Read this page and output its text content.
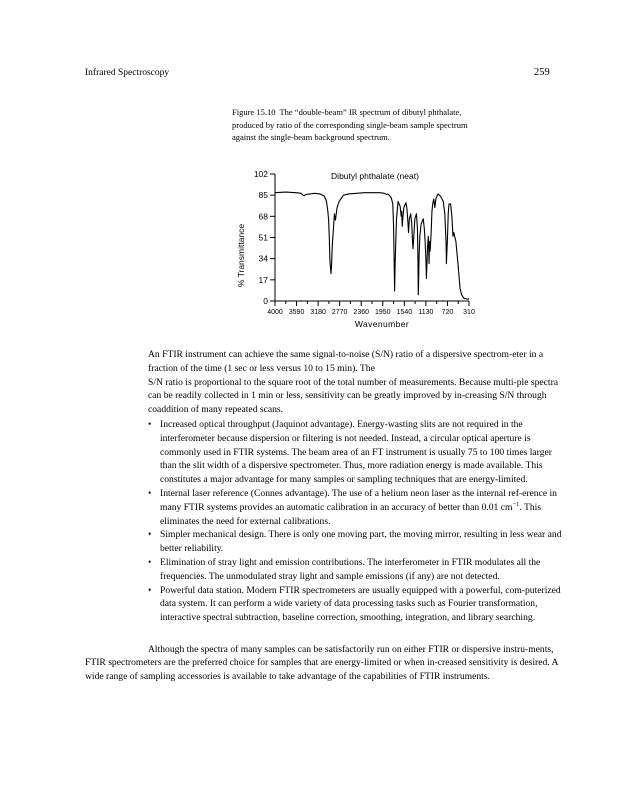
Infrared Spectroscopy	259
Figure 15.10 The “double-beam” IR spectrum of dibutyl phthalate, produced by ratio of the corresponding single-beam sample spectrum against the single-beam background spectrum.
0
17
34
51
68
85
102
4000 3590 3180 2770 2360 1950 1540 1130 720 310
Dibutyl phthalate (neat)
Wavenumber
% Transmittance

An FTIR instrument can achieve the same signal-to-noise (S/N) ratio of a dispersive spectrom-eter in a fraction of the time (1 sec or less versus 10 to 15 min). The

S/N ratio is proportional to the square root of the total number of measurements. Because multi-ple spectra can be readily collected in 1 min or less, sensitivity can be greatly improved by in-creasing S/N through coaddition of many repeated scans.

• Increased optical throughput (Jaquinot advantage). Energy-wasting slits are not required in the interferometer because dispersion or filtering is not needed. Instead, a circular optical aperture is commonly used in FTIR systems. The beam area of an FT instrument is usually 75 to 100 times larger than the slit width of a dispersive spectrometer. Thus, more radiation energy is made available. This constitutes a major advantage for many samples or sampling techniques that are energy-limited.
• Internal laser reference (Connes advantage). The use of a helium neon laser as the internal ref-erence in many FTIR systems provides an automatic calibration in an accuracy of better than 0.01 $cm^{-1}$. This eliminates the need for external calibrations.
• Simpler mechanical design. There is only one moving part, the moving mirror, resulting in less wear and better reliability.
• Elimination of stray light and emission contributions. The interferometer in FTIR modulates all the frequencies. The unmodulated stray light and sample emissions (if any) are not detected.
• Powerful data station. Modern FTIR spectrometers are usually equipped with a powerful, com-puterized data system. It can perform a wide variety of data processing tasks such as Fourier transformation, interactive spectral subtraction, baseline correction, smoothing, integration, and library searching.

Although the spectra of many samples can be satisfactorily run on either FTIR or dispersive instru-ments, FTIR spectrometers are the preferred choice for samples that are energy-limited or when in-creased sensitivity is desired. A wide range of sampling accessories is available to take advantage of the capabilities of FTIR instruments.
